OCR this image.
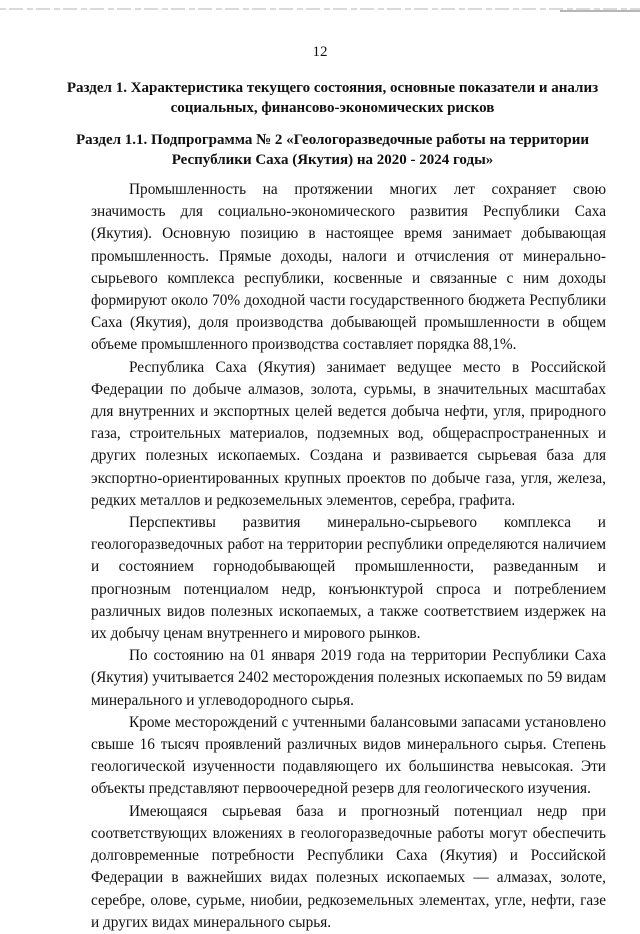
12
Раздел 1. Характеристика текущего состояния, основные показатели и анализ социальных, финансово-экономических рисков
Раздел 1.1. Подпрограмма № 2 «Геологоразведочные работы на территории Республики Саха (Якутия) на 2020 - 2024 годы»

Промышленность на протяжении многих лет сохраняет свою значимость для социально-экономического развития Республики Саха (Якутия). Основную позицию в настоящее время занимает добывающая промышленность. Прямые доходы, налоги и отчисления от минерально-сырьевого комплекса республики, косвенные и связанные с ним доходы формируют около 70% доходной части государственного бюджета Республики Саха (Якутия), доля производства добывающей промышленности в общем объеме промышленного производства составляет порядка 88,1%.

Республика Саха (Якутия) занимает ведущее место в Российской Федерации по добыче алмазов, золота, сурьмы, в значительных масштабах для внутренних и экспортных целей ведется добыча нефти, угля, природного газа, строительных материалов, подземных вод, общераспространенных и других полезных ископаемых. Создана и развивается сырьевая база для экспортно-ориентированных крупных проектов по добыче газа, угля, железа, редких металлов и редкоземельных элементов, серебра, графита.

Перспективы развития минерально-сырьевого комплекса и геологоразведочных работ на территории республики определяются наличием и состоянием горнодобывающей промышленности, разведанным и прогнозным потенциалом недр, конъюнктурой спроса и потреблением различных видов полезных ископаемых, а также соответствием издержек на их добычу ценам внутреннего и мирового рынков.

По состоянию на 01 января 2019 года на территории Республики Саха (Якутия) учитывается 2402 месторождения полезных ископаемых по 59 видам минерального и углеводородного сырья.

Кроме месторождений с учтенными балансовыми запасами установлено свыше 16 тысяч проявлений различных видов минерального сырья. Степень геологической изученности подавляющего их большинства невысокая. Эти объекты представляют первоочередной резерв для геологического изучения.

Имеющаяся сырьевая база и прогнозный потенциал недр при соответствующих вложениях в геологоразведочные работы могут обеспечить долговременные потребности Республики Саха (Якутия) и Российской Федерации в важнейших видах полезных ископаемых — алмазах, золоте, серебре, олове, сурьме, ниобии, редкоземельных элементах, угле, нефти, газе и других видах минерального сырья.
